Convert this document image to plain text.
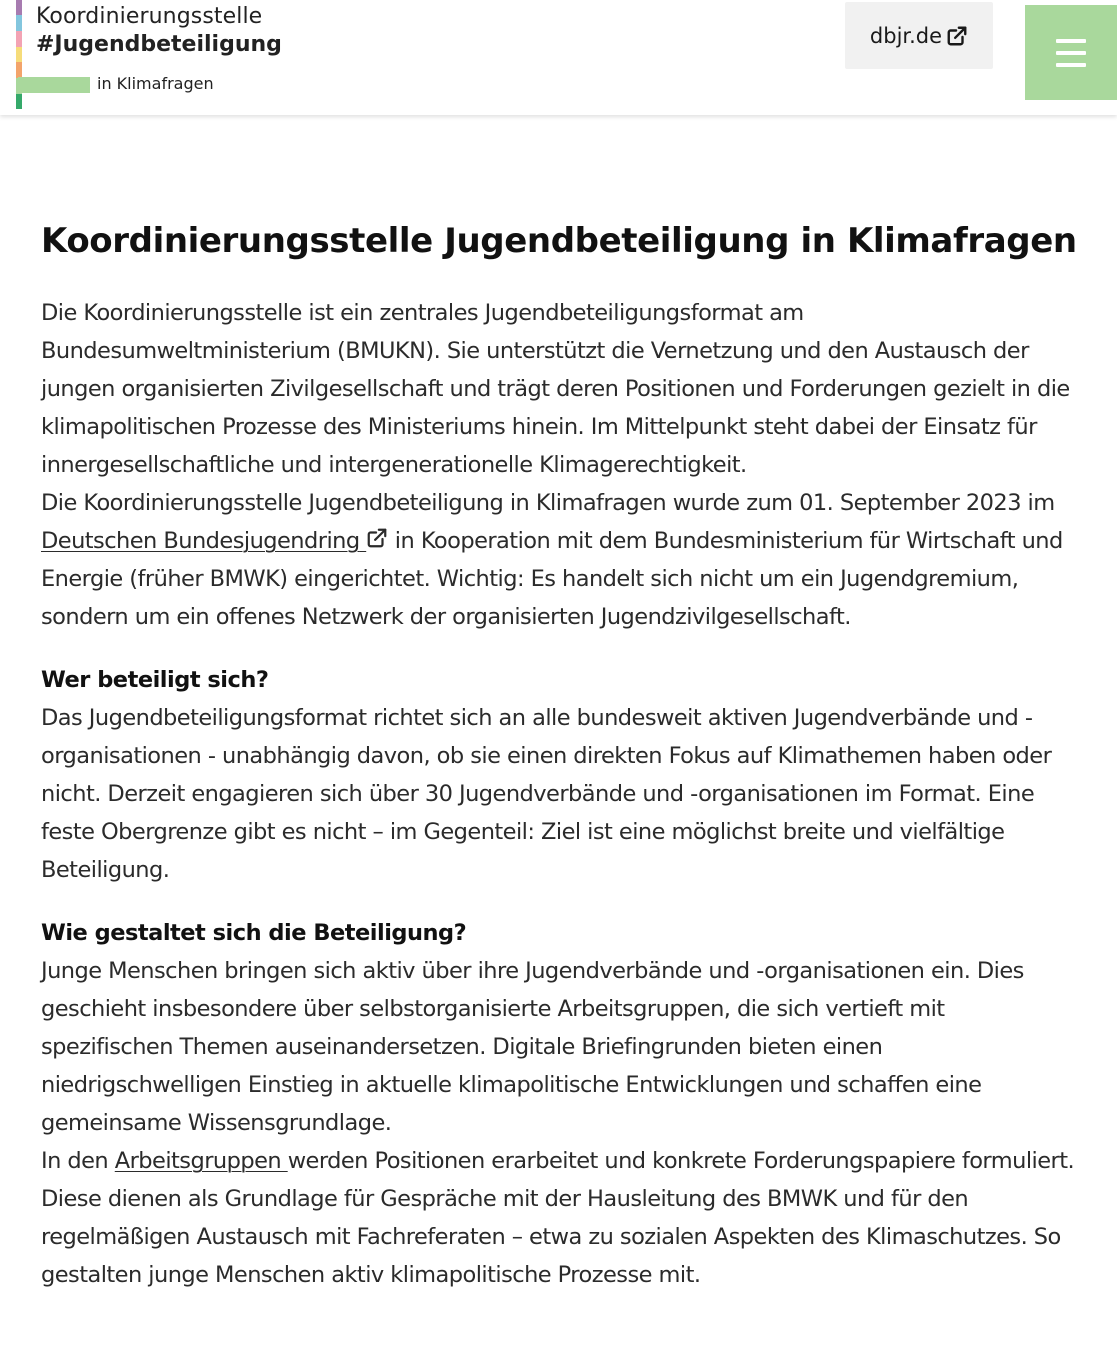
Koordinierungsstelle
#Jugendbeteiligung
in Klimafragen
dbjr.de
Koordinierungsstelle Jugendbeteiligung in Klimafragen

Die Koordinierungsstelle ist ein zentrales Jugendbeteiligungsformat am Bundesumweltministerium (BMUKN). Sie unterstützt die Vernetzung und den Austausch der jungen organisierten Zivilgesellschaft und trägt deren Positionen und Forderungen gezielt in die klimapolitischen Prozesse des Ministeriums hinein. Im Mittelpunkt steht dabei der Einsatz für innergesellschaftliche und intergenerationelle Klimagerechtigkeit.

Die Koordinierungsstelle Jugendbeteiligung in Klimafragen wurde zum 01. September 2023 im Deutschen Bundesjugendring  in Kooperation mit dem Bundesministerium für Wirtschaft und Energie (früher BMWK) eingerichtet. Wichtig: Es handelt sich nicht um ein Jugendgremium, sondern um ein offenes Netzwerk der organisierten Jugendzivilgesellschaft.

Wer beteiligt sich?

Das Jugendbeteiligungsformat richtet sich an alle bundesweit aktiven Jugendverbände und -organisationen - unabhängig davon, ob sie einen direkten Fokus auf Klimathemen haben oder nicht. Derzeit engagieren sich über 30 Jugendverbände und -organisationen im Format. Eine feste Obergrenze gibt es nicht – im Gegenteil: Ziel ist eine möglichst breite und vielfältige Beteiligung.

Wie gestaltet sich die Beteiligung?

Junge Menschen bringen sich aktiv über ihre Jugendverbände und -organisationen ein. Dies geschieht insbesondere über selbstorganisierte Arbeitsgruppen, die sich vertieft mit spezifischen Themen auseinandersetzen. Digitale Briefingrunden bieten einen niedrigschwelligen Einstieg in aktuelle klimapolitische Entwicklungen und schaffen eine gemeinsame Wissensgrundlage.

In den Arbeitsgruppen werden Positionen erarbeitet und konkrete Forderungspapiere formuliert. Diese dienen als Grundlage für Gespräche mit der Hausleitung des BMWK und für den regelmäßigen Austausch mit Fachreferaten – etwa zu sozialen Aspekten des Klimaschutzes. So gestalten junge Menschen aktiv klimapolitische Prozesse mit.
